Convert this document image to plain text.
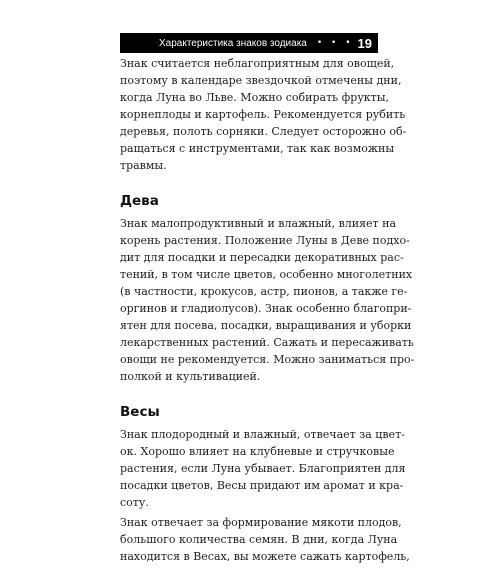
Характеристика знаков зодиака • • • 19

Знак считается неблагоприятным для овощей,
поэтому в календаре звездочкой отмечены дни,
когда Луна во Льве. Можно собирать фрукты,
корнеплоды и картофель. Рекомендуется рубить
деревья, полоть сорняки. Следует осторожно об-
ращаться с инструментами, так как возможны
травмы.

Дева

Знак малопродуктивный и влажный, влияет на
корень растения. Положение Луны в Деве подхо-
дит для посадки и пересадки декоративных рас-
тений, в том числе цветов, особенно многолетних
(в частности, крокусов, астр, пионов, а также ге-
оргинов и гладиолусов). Знак особенно благопри-
ятен для посева, посадки, выращивания и уборки
лекарственных растений. Сажать и пересаживать
овощи не рекомендуется. Можно заниматься про-
полкой и культивацией.

Весы

Знак плодородный и влажный, отвечает за цвет-
ок. Хорошо влияет на клубневые и стручковые
растения, если Луна убывает. Благоприятен для
посадки цветов, Весы придают им аромат и кра-
соту.

Знак отвечает за формирование мякоти плодов,
большого количества семян. В дни, когда Луна
находится в Весах, вы можете сажать картофель,
